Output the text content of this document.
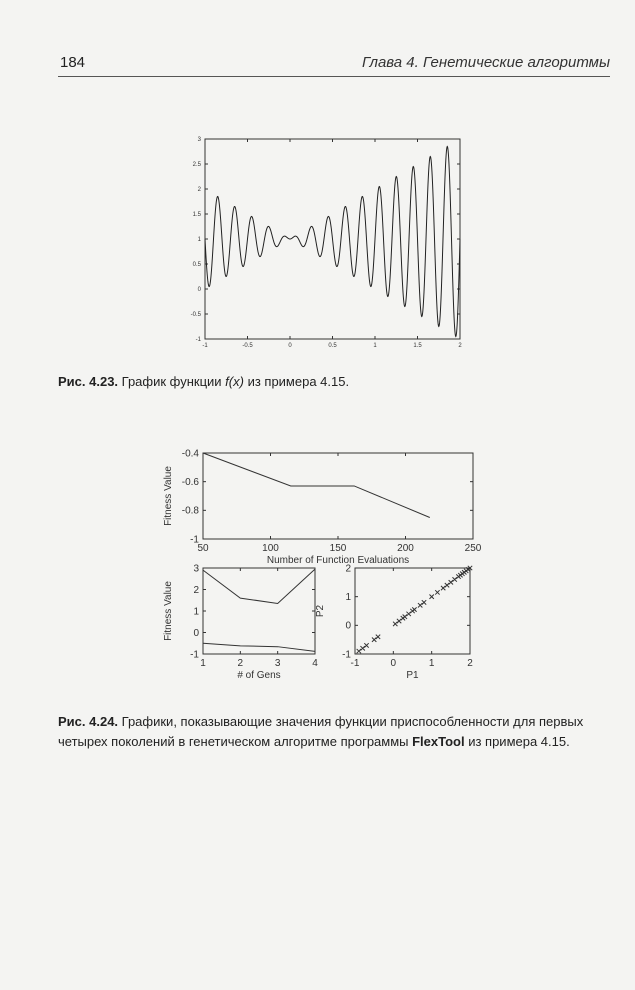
184	Глава 4. Генетические алгоритмы
-1	-0.5	0	0.5	1	1.5	2
-1
-0.5
0
0.5
1
1.5
2
2.5
3
50	100	150	200	250
-0.4
-0.6
-0.8
-1
Number of Function Evaluations
Fitness Value
1	2	3	4
3
2
1
0
-1
# of Gens
Fitness Value
-1	0	1	2
2
1
0
-1
P1
P2
Рис. 4.23. График функции f(x) из примера 4.15.
Рис. 4.24. Графики, показывающие значения функции приспособленности для первых четырех поколений в генетическом алгоритме программы FlexTool из примера 4.15.
